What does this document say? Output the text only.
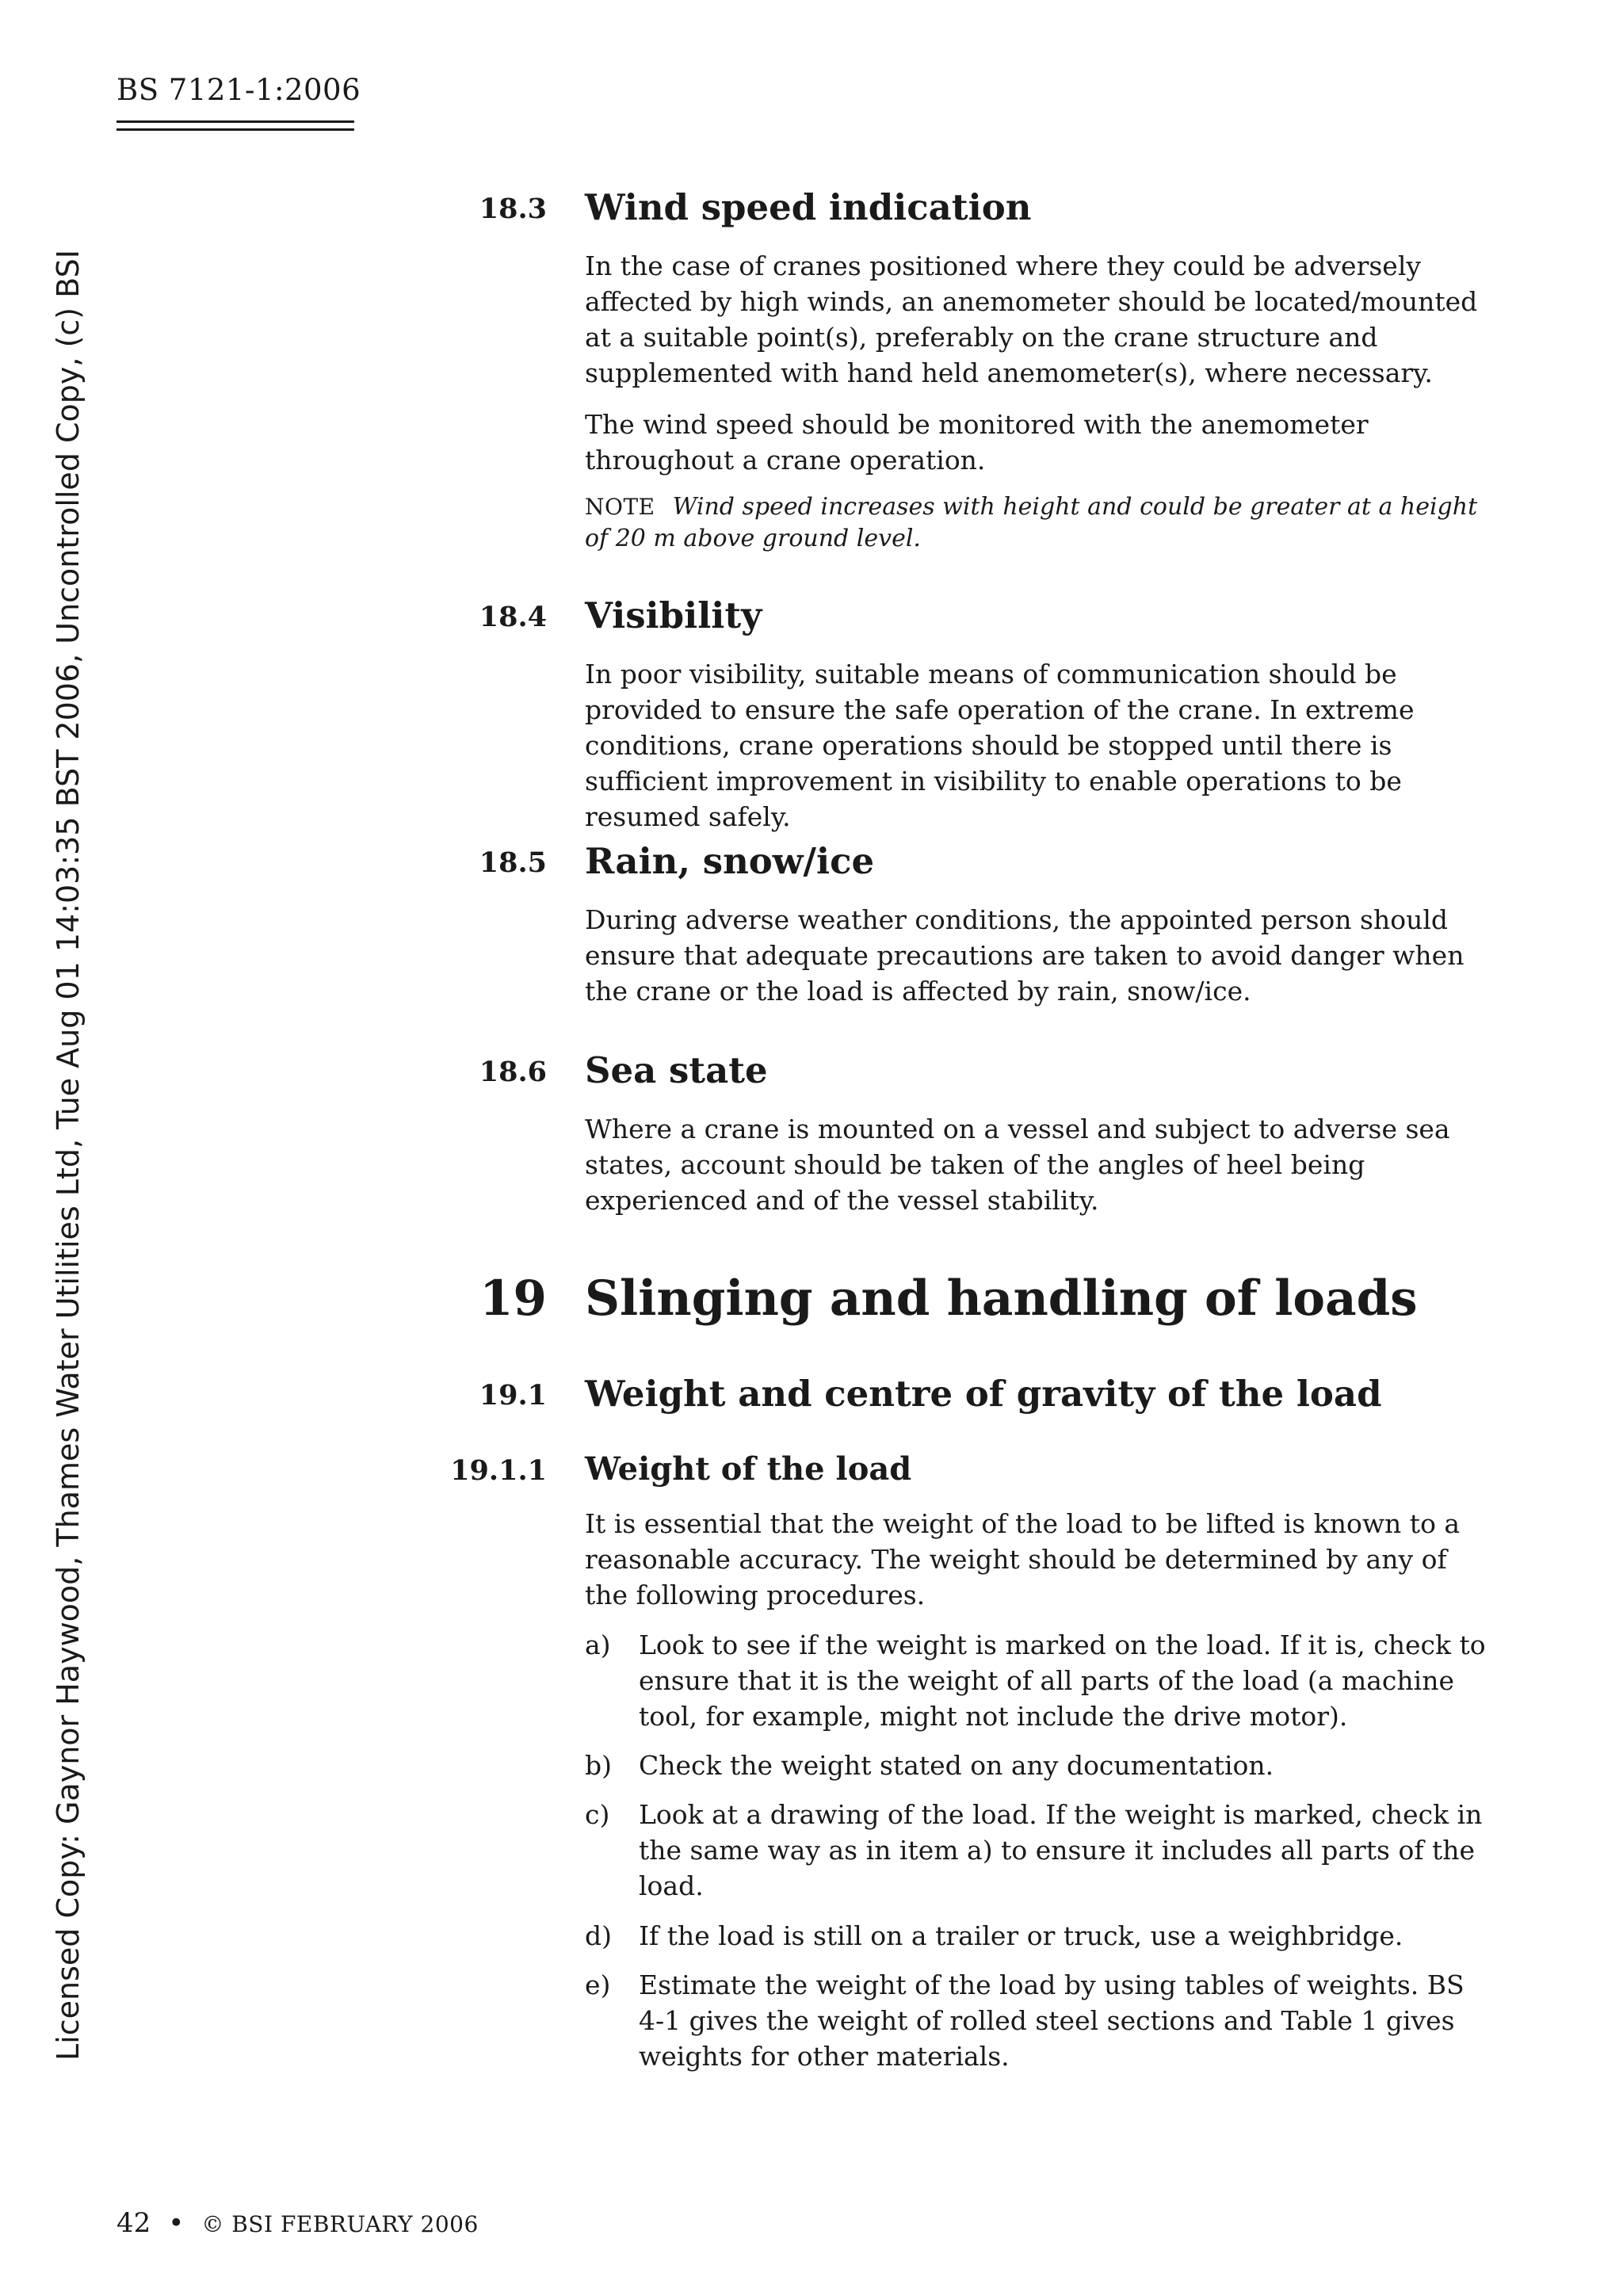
BS 7121-1:2006
Licensed Copy: Gaynor Haywood, Thames Water Utilities Ltd, Tue Aug 01 14:03:35 BST 2006, Uncontrolled Copy, (c) BSI
18.3 Wind speed indication
In the case of cranes positioned where they could be adversely affected by high winds, an anemometer should be located/mounted at a suitable point(s), preferably on the crane structure and supplemented with hand held anemometer(s), where necessary.
The wind speed should be monitored with the anemometer throughout a crane operation.
NOTE Wind speed increases with height and could be greater at a height of 20 m above ground level.
18.4 Visibility
In poor visibility, suitable means of communication should be provided to ensure the safe operation of the crane. In extreme conditions, crane operations should be stopped until there is sufficient improvement in visibility to enable operations to be resumed safely.
18.5 Rain, snow/ice
During adverse weather conditions, the appointed person should ensure that adequate precautions are taken to avoid danger when the crane or the load is affected by rain, snow/ice.
18.6 Sea state
Where a crane is mounted on a vessel and subject to adverse sea states, account should be taken of the angles of heel being experienced and of the vessel stability.
19 Slinging and handling of loads
19.1 Weight and centre of gravity of the load
19.1.1 Weight of the load
It is essential that the weight of the load to be lifted is known to a reasonable accuracy. The weight should be determined by any of the following procedures.
a) Look to see if the weight is marked on the load. If it is, check to ensure that it is the weight of all parts of the load (a machine tool, for example, might not include the drive motor).
b) Check the weight stated on any documentation.
c) Look at a drawing of the load. If the weight is marked, check in the same way as in item a) to ensure it includes all parts of the load.
d) If the load is still on a trailer or truck, use a weighbridge.
e) Estimate the weight of the load by using tables of weights. BS 4-1 gives the weight of rolled steel sections and Table 1 gives weights for other materials.
42 • © BSI FEBRUARY 2006
